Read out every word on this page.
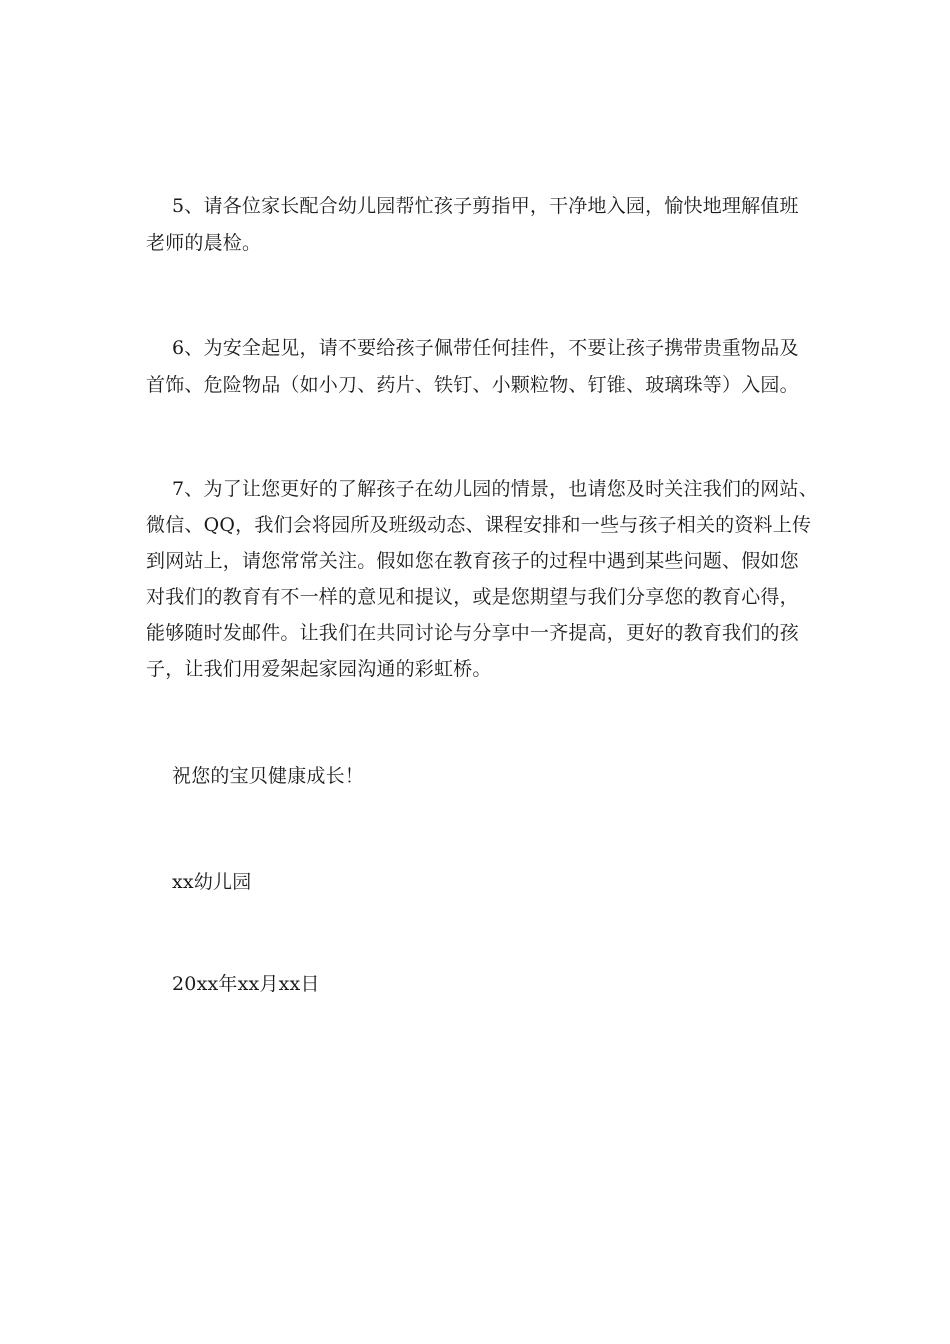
5、请各位家长配合幼儿园帮忙孩子剪指甲，干净地入园，愉快地理解值班
老师的晨检。
6、为安全起见，请不要给孩子佩带任何挂件，不要让孩子携带贵重物品及
首饰、危险物品（如小刀、药片、铁钉、小颗粒物、钉锥、玻璃珠等）入园。
7、为了让您更好的了解孩子在幼儿园的情景，也请您及时关注我们的网站、
微信、QQ，我们会将园所及班级动态、课程安排和一些与孩子相关的资料上传
到网站上，请您常常关注。假如您在教育孩子的过程中遇到某些问题、假如您
对我们的教育有不一样的意见和提议，或是您期望与我们分享您的教育心得，
能够随时发邮件。让我们在共同讨论与分享中一齐提高，更好的教育我们的孩
子，让我们用爱架起家园沟通的彩虹桥。
祝您的宝贝健康成长！
xx幼儿园
20xx年xx月xx日
